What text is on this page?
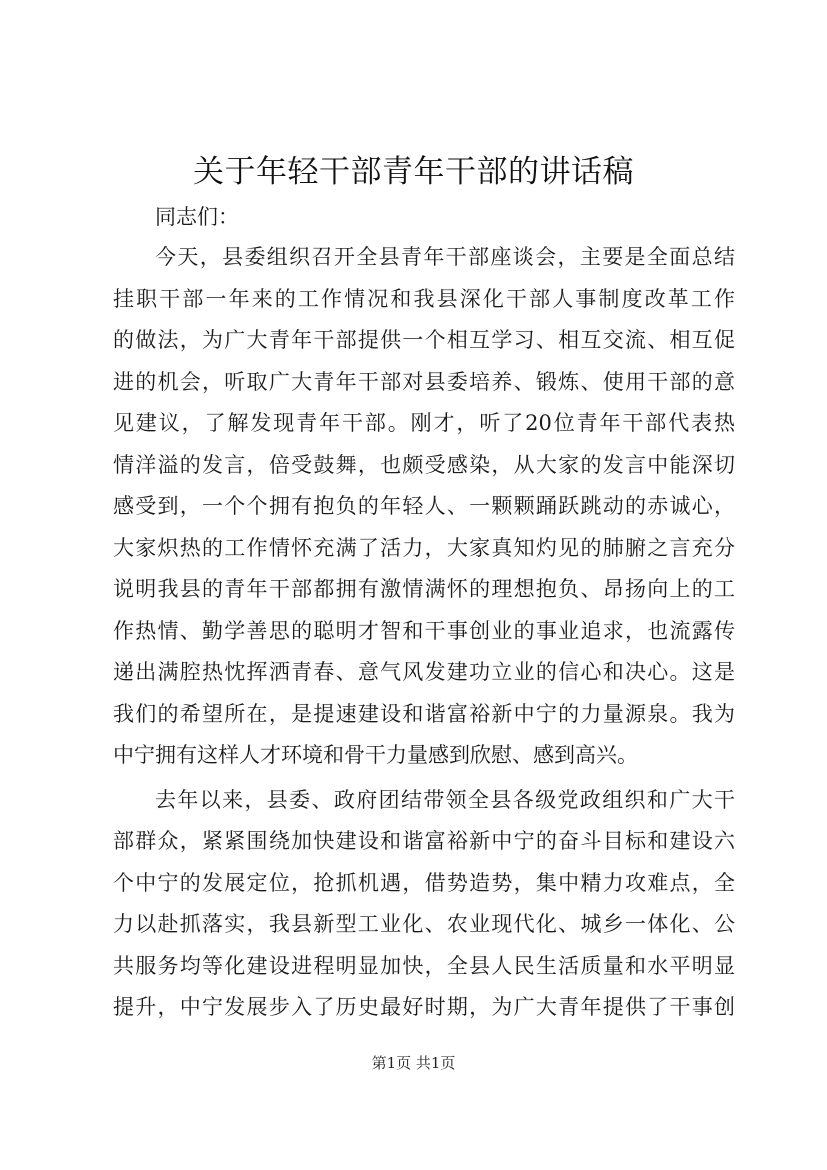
关于年轻干部青年干部的讲话稿
同志们：
今天，县委组织召开全县青年干部座谈会，主要是全面总结
挂职干部一年来的工作情况和我县深化干部人事制度改革工作
的做法，为广大青年干部提供一个相互学习、相互交流、相互促
进的机会，听取广大青年干部对县委培养、锻炼、使用干部的意
见建议，了解发现青年干部。刚才，听了20位青年干部代表热
情洋溢的发言，倍受鼓舞，也颇受感染，从大家的发言中能深切
感受到，一个个拥有抱负的年轻人、一颗颗踊跃跳动的赤诚心，
大家炽热的工作情怀充满了活力，大家真知灼见的肺腑之言充分
说明我县的青年干部都拥有激情满怀的理想抱负、昂扬向上的工
作热情、勤学善思的聪明才智和干事创业的事业追求，也流露传
递出满腔热忱挥洒青春、意气风发建功立业的信心和决心。这是
我们的希望所在，是提速建设和谐富裕新中宁的力量源泉。我为
中宁拥有这样人才环境和骨干力量感到欣慰、感到高兴。
去年以来，县委、政府团结带领全县各级党政组织和广大干
部群众，紧紧围绕加快建设和谐富裕新中宁的奋斗目标和建设六
个中宁的发展定位，抢抓机遇，借势造势，集中精力攻难点，全
力以赴抓落实，我县新型工业化、农业现代化、城乡一体化、公
共服务均等化建设进程明显加快，全县人民生活质量和水平明显
提升，中宁发展步入了历史最好时期，为广大青年提供了干事创
第1页 共1页
